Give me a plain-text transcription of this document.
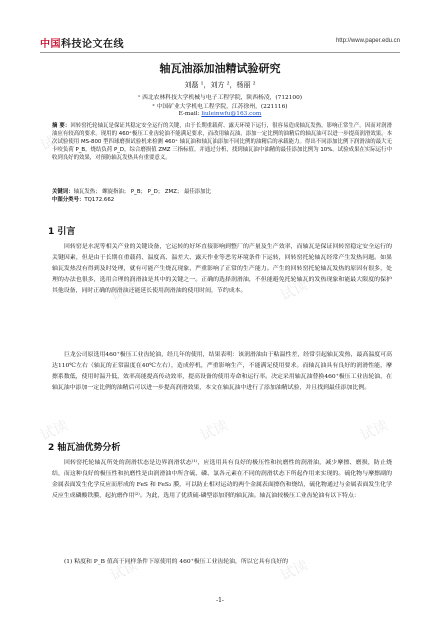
中国科技论文在线	http://www.paper.edu.cn
轴瓦油添加油精试验研究
刘磊 ¹，刘方 ²，杨丽 ²
¹ 西北农林科技大学机械与电子工程学院，陕西杨凌，(712100)
² 中国矿业大学机电工程学院，江苏徐州，(221116)
E-mail: liuleinwfu@163.com

摘 要：回转窑托轮轴瓦是保证其稳定安全运行的关键，由于长期重载荷、露天环境下运行，很容易造成轴瓦发热，影响正常生产。因而对润滑油应有较高的要求。现用的 460⁺极压工业齿轮油不能满足要求，而改用轴瓦油，添加一定比例的油精后的轴瓦油可以进一步提高润滑效果。本次试验使用 MS-800 型四球磨损试验机来检测 460⁺ 轴瓦油和轴瓦油添加不同比例的油精后的承载能力。得出不同添加比例下润滑油的最大无卡咬负荷 P_B，烧结负荷 P_D，综合磨损值 ZMZ 三指标值。并通过分析，找到轴瓦油中油精的最佳添加比例为 10%。试验成果在实际运行中收到良好的效果，对预防轴瓦发热具有重要意义。

关键词：轴瓦发热； 螺旋指油； P_B； P_D； ZMZ； 最佳添加比
中图分类号：TQ172.662
1 引言

回转窑是水泥等相关产业的关键设备，它运转的好坏直接影响到整厂的产量及生产效率，而轴瓦是保证回转窑稳定安全运行的关键因素，但是由于长期在重载荷、温度高、温差大、露天作业等恶劣环境条件下运转，回转窑托轮轴瓦经常产生发热问题。如果轴瓦发热没有得到及时处理，就有可能产生烧瓦现象，严重影响了正常的生产能力。产生的回转窑托轮轴瓦发热的原因有很多，处理的办法也很多，选用合理的润滑油是其中的关键之一。正确的选择润滑油，不但能避免托轮轴瓦的发热现象和能最大限度的保护其他设备，同时正确的润滑油还能延长使用润滑油的使用时间，节约成本。

巨龙公司原选用460⁺极压工业齿轮油，经几年的使用，结果表明：该润滑油由于粘温性差，经常引起轴瓦发热，最高温度可高达110℃左右（轴瓦的正常温度在40℃左右），造成停机，严重影响生产，不能满足使用要求。而轴瓦油具有良好的润滑性能，摩擦系数低，使用时温升低，效率高能提高传动效率，提高设备的使用寿命和运行率。决定采用轴瓦油替换460⁺极压工业齿轮油，在轴瓦油中添加一定比例的油精后可以进一步提高润滑效果，本文在轴瓦油中进行了添加油精试验，并且找到最佳添加比例。

2 轴瓦油优势分析

回转窑托轮轴瓦所处的润滑状态是边界润滑状态⁽¹⁾，应选用具有良好的极压性和抗磨性的润滑油，减少摩擦、磨损，防止烧结，而这种良好的极压性和抗磨性是由润滑油中所含硫、磷、氯各元素在不同的润滑状态下所起作用来实现的。硫化物与摩擦副的金属表面发生化学反应而形成的 FeS 和 FeS₂ 膜，可以防止相对运动的两个金属表面擦伤和烧结，硫化物通过与金属表面发生化学反应生成磷酸铁膜，起抗磨作用⁽²⁾。为此，选用了优质硫-磷型添加剂的轴瓦油。轴瓦油较极压工业齿轮油有以下特点：

(1) 粘度和 P_B 值高于同样条件下原使用的 460⁺极压工业齿轮油，所以它具有良好的

-1-
试读	试读	试读
试读	试读
试读	试读	试读
试读	试读
